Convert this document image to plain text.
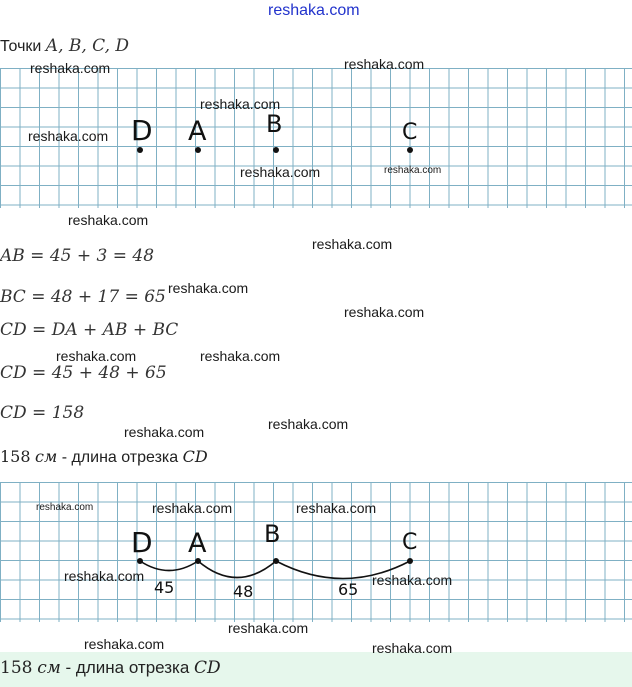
reshaka.com
Точки A, B, C, D
D A B	C
AB = 45 + 3 = 48
BC = 48 + 17 = 65
CD = DA + AB + BC
CD = 45 + 48 + 65
CD = 158
158 см - длина отрезка CD
D A B	C
45	48	65
158 см - длина отрезка CD
reshaka.com	reshaka.com
reshaka.com
reshaka.com
reshaka.com	reshaka.com
reshaka.com
reshaka.com
reshaka.com
reshaka.com
reshaka.com	reshaka.com
reshaka.com	reshaka.com
reshaka.com	reshaka.com	reshaka.com
reshaka.com	reshaka.com
reshaka.com
reshaka.com
reshaka.com
